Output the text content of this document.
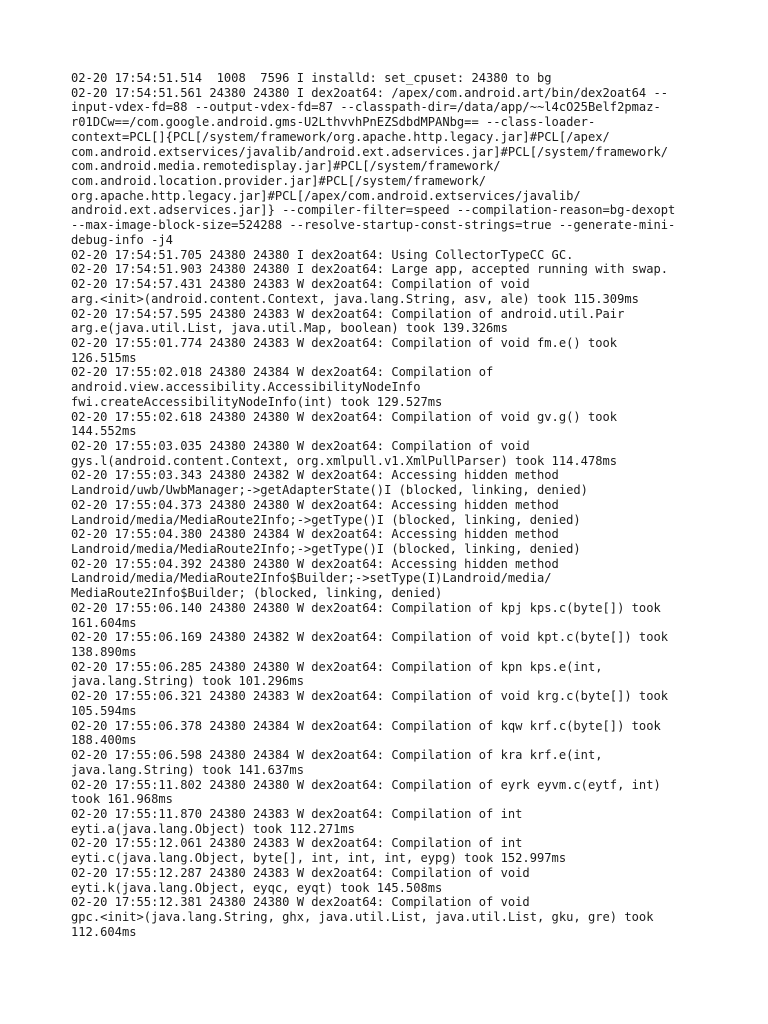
02-20 17:54:51.514  1008  7596 I installd: set_cpuset: 24380 to bg
02-20 17:54:51.561 24380 24380 I dex2oat64: /apex/com.android.art/bin/dex2oat64 --
input-vdex-fd=88 --output-vdex-fd=87 --classpath-dir=/data/app/~~l4cO25Belf2pmaz-
r01DCw==/com.google.android.gms-U2LthvvhPnEZSdbdMPANbg== --class-loader-
context=PCL[]{PCL[/system/framework/org.apache.http.legacy.jar]#PCL[/apex/
com.android.extservices/javalib/android.ext.adservices.jar]#PCL[/system/framework/
com.android.media.remotedisplay.jar]#PCL[/system/framework/
com.android.location.provider.jar]#PCL[/system/framework/
org.apache.http.legacy.jar]#PCL[/apex/com.android.extservices/javalib/
android.ext.adservices.jar]} --compiler-filter=speed --compilation-reason=bg-dexopt
--max-image-block-size=524288 --resolve-startup-const-strings=true --generate-mini-
debug-info -j4
02-20 17:54:51.705 24380 24380 I dex2oat64: Using CollectorTypeCC GC.
02-20 17:54:51.903 24380 24380 I dex2oat64: Large app, accepted running with swap.
02-20 17:54:57.431 24380 24383 W dex2oat64: Compilation of void
arg.<init>(android.content.Context, java.lang.String, asv, ale) took 115.309ms
02-20 17:54:57.595 24380 24383 W dex2oat64: Compilation of android.util.Pair
arg.e(java.util.List, java.util.Map, boolean) took 139.326ms
02-20 17:55:01.774 24380 24383 W dex2oat64: Compilation of void fm.e() took
126.515ms
02-20 17:55:02.018 24380 24384 W dex2oat64: Compilation of
android.view.accessibility.AccessibilityNodeInfo
fwi.createAccessibilityNodeInfo(int) took 129.527ms
02-20 17:55:02.618 24380 24380 W dex2oat64: Compilation of void gv.g() took
144.552ms
02-20 17:55:03.035 24380 24380 W dex2oat64: Compilation of void
gys.l(android.content.Context, org.xmlpull.v1.XmlPullParser) took 114.478ms
02-20 17:55:03.343 24380 24382 W dex2oat64: Accessing hidden method
Landroid/uwb/UwbManager;->getAdapterState()I (blocked, linking, denied)
02-20 17:55:04.373 24380 24380 W dex2oat64: Accessing hidden method
Landroid/media/MediaRoute2Info;->getType()I (blocked, linking, denied)
02-20 17:55:04.380 24380 24384 W dex2oat64: Accessing hidden method
Landroid/media/MediaRoute2Info;->getType()I (blocked, linking, denied)
02-20 17:55:04.392 24380 24380 W dex2oat64: Accessing hidden method
Landroid/media/MediaRoute2Info$Builder;->setType(I)Landroid/media/
MediaRoute2Info$Builder; (blocked, linking, denied)
02-20 17:55:06.140 24380 24380 W dex2oat64: Compilation of kpj kps.c(byte[]) took
161.604ms
02-20 17:55:06.169 24380 24382 W dex2oat64: Compilation of void kpt.c(byte[]) took
138.890ms
02-20 17:55:06.285 24380 24380 W dex2oat64: Compilation of kpn kps.e(int,
java.lang.String) took 101.296ms
02-20 17:55:06.321 24380 24383 W dex2oat64: Compilation of void krg.c(byte[]) took
105.594ms
02-20 17:55:06.378 24380 24384 W dex2oat64: Compilation of kqw krf.c(byte[]) took
188.400ms
02-20 17:55:06.598 24380 24384 W dex2oat64: Compilation of kra krf.e(int,
java.lang.String) took 141.637ms
02-20 17:55:11.802 24380 24380 W dex2oat64: Compilation of eyrk eyvm.c(eytf, int)
took 161.968ms
02-20 17:55:11.870 24380 24383 W dex2oat64: Compilation of int
eyti.a(java.lang.Object) took 112.271ms
02-20 17:55:12.061 24380 24383 W dex2oat64: Compilation of int
eyti.c(java.lang.Object, byte[], int, int, int, eypg) took 152.997ms
02-20 17:55:12.287 24380 24383 W dex2oat64: Compilation of void
eyti.k(java.lang.Object, eyqc, eyqt) took 145.508ms
02-20 17:55:12.381 24380 24380 W dex2oat64: Compilation of void
gpc.<init>(java.lang.String, ghx, java.util.List, java.util.List, gku, gre) took
112.604ms
